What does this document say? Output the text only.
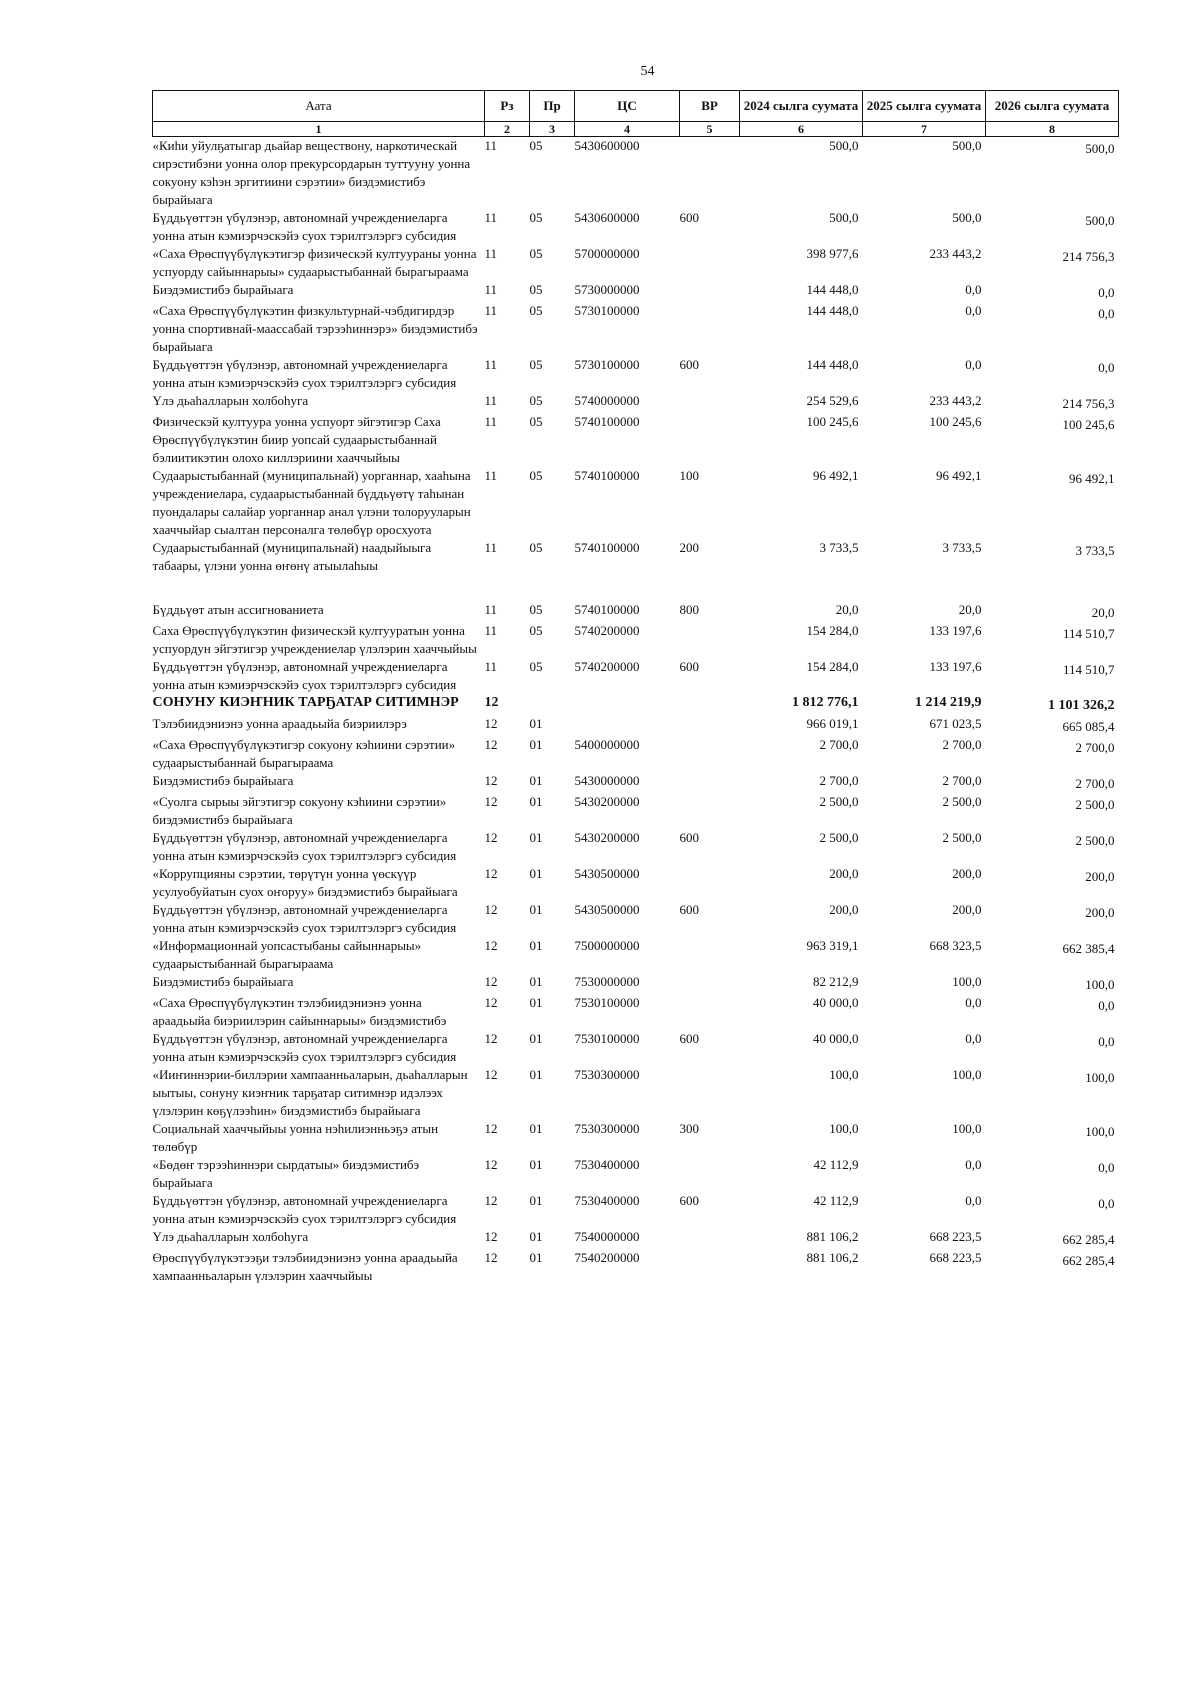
54
Аата	Рз	Пр	ЦС	ВР	2024 сылга суумата	2025 сылга суумата	2026 сылга суумата
1	2	3	4	5	6	7	8
«Киһи уйулҕатыгар дьайар веществону, наркотическай сирэстибэни уонна олор прекурсордарын туттууну уонна сокуону кэһэн эргитиини сэрэтии» биэдэмистибэ бырайыага	11	05	5430600000		500,0	500,0	500,0
Бүддьүөттэн үбүлэнэр, автономнай учреждениеларга уонна атын кэмиэрчэскэйэ суох тэрилтэлэргэ субсидия	11	05	5430600000	600	500,0	500,0	500,0
«Саха Өрөспүүбүлүкэтигэр физическэй култуураны уонна успуорду сайыннарыы» судаарыстыбаннай бырагыраама	11	05	5700000000		398 977,6	233 443,2	214 756,3
Биэдэмистибэ бырайыага	11	05	5730000000		144 448,0	0,0	0,0
«Саха Өрөспүүбүлүкэтин физкультурнай-чэбдигирдэр уонна спортивнай-маассабай тэрээһиннэрэ» биэдэмистибэ бырайыага	11	05	5730100000		144 448,0	0,0	0,0
Бүддьүөттэн үбүлэнэр, автономнай учреждениеларга уонна атын кэмиэрчэскэйэ суох тэрилтэлэргэ субсидия	11	05	5730100000	600	144 448,0	0,0	0,0
Үлэ дьаһалларын холбоһуга	11	05	5740000000		254 529,6	233 443,2	214 756,3
Физическэй култуура уонна успуорт эйгэтигэр Саха Өрөспүүбүлүкэтин биир уопсай судаарыстыбаннай бэлиитикэтин олохо киллэриини хааччыйыы	11	05	5740100000		100 245,6	100 245,6	100 245,6
Судаарыстыбаннай (муниципальнай) уорганнар, хааһына учреждениелара, судаарыстыбаннай бүддьүөтү таһынан пуондалары салайар уорганнар анал үлэни толорууларын хааччыйар сыалтан персоналга төлөбүр оросхуота	11	05	5740100000	100	96 492,1	96 492,1	96 492,1
Судаарыстыбаннай (муниципальнай) наадыйыыга табаары, үлэни уонна өҥөнү атыылаһыы	11	05	5740100000	200	3 733,5	3 733,5	3 733,5

Бүддьүөт атын ассигнованиета	11	05	5740100000	800	20,0	20,0	20,0
Саха Өрөспүүбүлүкэтин физическэй култууратын уонна успуордун эйгэтигэр учреждениелар үлэлэрин хааччыйыы	11	05	5740200000		154 284,0	133 197,6	114 510,7
Бүддьүөттэн үбүлэнэр, автономнай учреждениеларга уонна атын кэмиэрчэскэйэ суох тэрилтэлэргэ субсидия	11	05	5740200000	600	154 284,0	133 197,6	114 510,7
СОНУНУ КИЭҤНИК ТАРҔАТАР СИТИМНЭР	12				1 812 776,1	1 214 219,9	1 101 326,2
Тэлэбиидэниэнэ уонна араадьыйа биэриилэрэ	12	01			966 019,1	671 023,5	665 085,4
«Саха Өрөспүүбүлүкэтигэр сокуону кэһиини сэрэтии» судаарыстыбаннай бырагыраама	12	01	5400000000		2 700,0	2 700,0	2 700,0
Биэдэмистибэ бырайыага	12	01	5430000000		2 700,0	2 700,0	2 700,0
«Суолга сырыы эйгэтигэр сокуону кэһиини сэрэтии» биэдэмистибэ бырайыага	12	01	5430200000		2 500,0	2 500,0	2 500,0
Бүддьүөттэн үбүлэнэр, автономнай учреждениеларга уонна атын кэмиэрчэскэйэ суох тэрилтэлэргэ субсидия	12	01	5430200000	600	2 500,0	2 500,0	2 500,0
«Коррупцияны сэрэтии, төрүтүн уонна үөскүүр усулуобуйатын суох оҥоруу» биэдэмистибэ бырайыага	12	01	5430500000		200,0	200,0	200,0
Бүддьүөттэн үбүлэнэр, автономнай учреждениеларга уонна атын кэмиэрчэскэйэ суох тэрилтэлэргэ субсидия	12	01	5430500000	600	200,0	200,0	200,0
«Информационнай уопсастыбаны сайыннарыы» судаарыстыбаннай бырагыраама	12	01	7500000000		963 319,1	668 323,5	662 385,4
Биэдэмистибэ бырайыага	12	01	7530000000		82 212,9	100,0	100,0
«Саха Өрөспүүбүлүкэтин тэлэбиидэниэнэ уонна араадьыйа биэриилэрин сайыннарыы» биэдэмистибэ	12	01	7530100000		40 000,0	0,0	0,0
Бүддьүөттэн үбүлэнэр, автономнай учреждениеларга уонна атын кэмиэрчэскэйэ суох тэрилтэлэргэ субсидия	12	01	7530100000	600	40 000,0	0,0	0,0
«Ииҥиннэрии-биллэрии хампаанньаларын, дьаһалларын ыытыы, сонуну киэҥник тарҕатар ситимнэр идэлээх үлэлэрин көҕүлээһин» биэдэмистибэ бырайыага	12	01	7530300000		100,0	100,0	100,0
Социальнай хааччыйыы уонна нэһилиэнньэҕэ атын төлөбүр	12	01	7530300000	300	100,0	100,0	100,0
«Бөдөҥ тэрээһиннэри сырдатыы» биэдэмистибэ бырайыага	12	01	7530400000		42 112,9	0,0	0,0
Бүддьүөттэн үбүлэнэр, автономнай учреждениеларга уонна атын кэмиэрчэскэйэ суох тэрилтэлэргэ субсидия	12	01	7530400000	600	42 112,9	0,0	0,0
Үлэ дьаһалларын холбоһуга	12	01	7540000000		881 106,2	668 223,5	662 285,4
Өрөспүүбүлүкэтээҕи тэлэбиидэниэнэ уонна араадьыйа хампаанньаларын үлэлэрин хааччыйыы	12	01	7540200000		881 106,2	668 223,5	662 285,4
